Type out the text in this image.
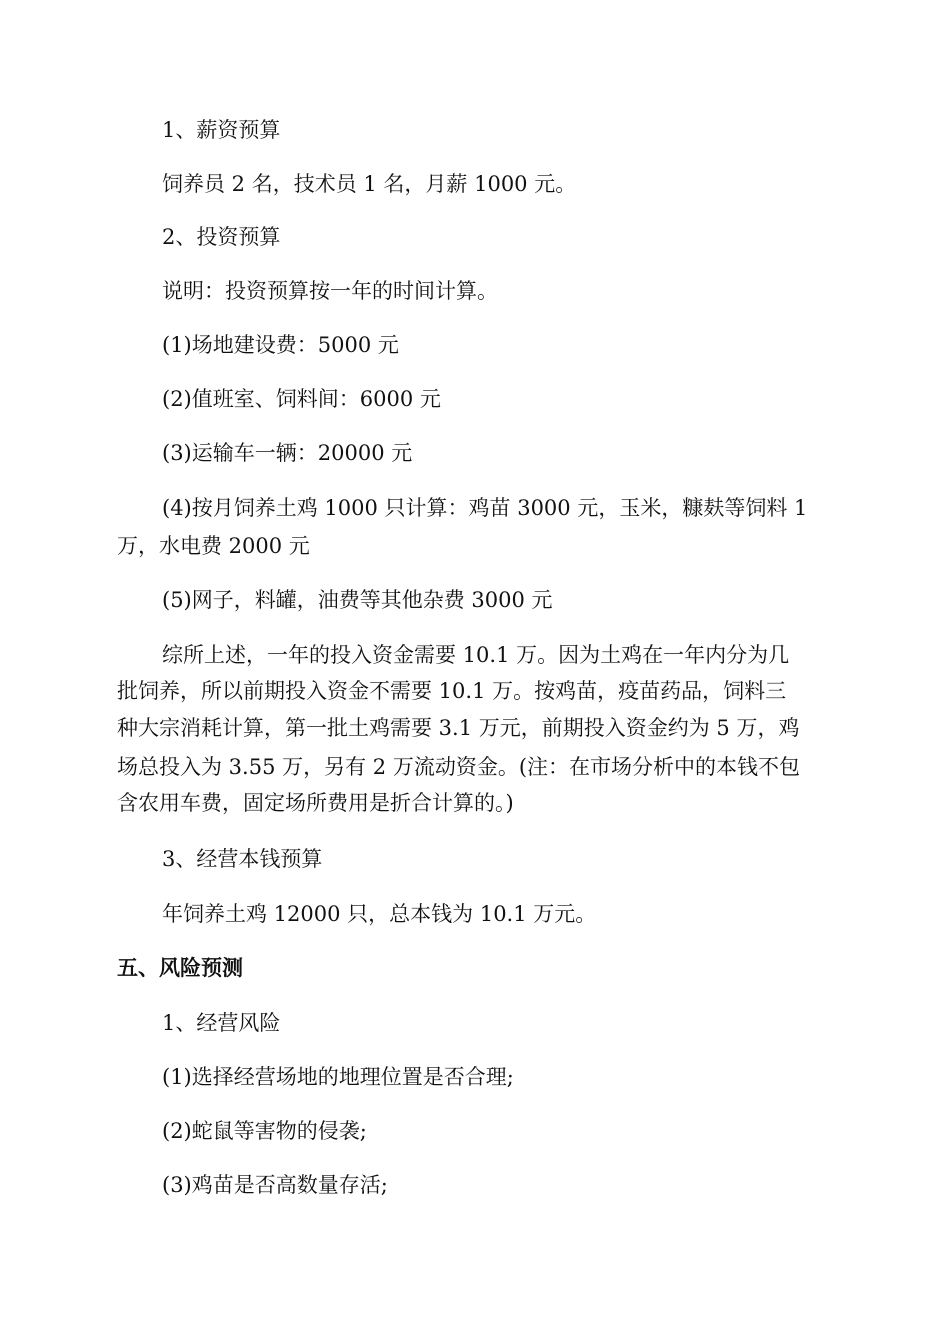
1、薪资预算
饲养员 2 名，技术员 1 名，月薪 1000 元。
2、投资预算
说明：投资预算按一年的时间计算。
(1)场地建设费：5000 元
(2)值班室、饲料间：6000 元
(3)运输车一辆：20000 元
(4)按月饲养土鸡 1000 只计算：鸡苗 3000 元，玉米，糠麸等饲料 1
万，水电费 2000 元
(5)网子，料罐，油费等其他杂费 3000 元
综所上述，一年的投入资金需要 10.1 万。因为土鸡在一年内分为几
批饲养，所以前期投入资金不需要 10.1 万。按鸡苗，疫苗药品，饲料三
种大宗消耗计算，第一批土鸡需要 3.1 万元，前期投入资金约为 5 万，鸡
场总投入为 3.55 万，另有 2 万流动资金。(注：在市场分析中的本钱不包
含农用车费，固定场所费用是折合计算的。)
3、经营本钱预算
年饲养土鸡 12000 只，总本钱为 10.1 万元。
五、风险预测
1、经营风险
(1)选择经营场地的地理位置是否合理;
(2)蛇鼠等害物的侵袭;
(3)鸡苗是否高数量存活;
